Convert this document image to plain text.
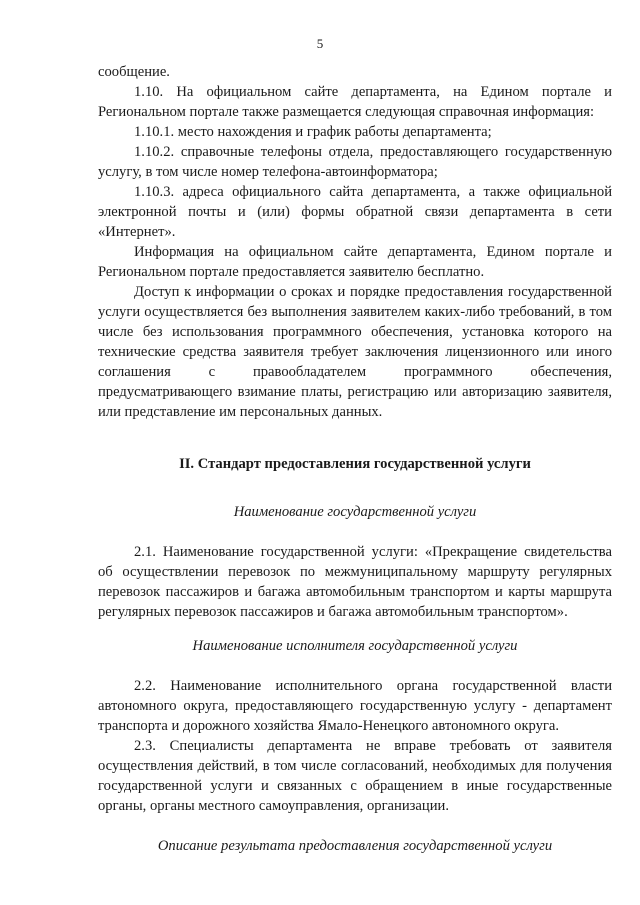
5

сообщение.

1.10. На официальном сайте департамента, на Едином портале и Региональном портале также размещается следующая справочная информация:

1.10.1. место нахождения и график работы департамента;

1.10.2. справочные телефоны отдела, предоставляющего государственную услугу, в том числе номер телефона-автоинформатора;

1.10.3. адреса официального сайта департамента, а также официальной электронной почты и (или) формы обратной связи департамента в сети «Интернет».

Информация на официальном сайте департамента, Едином портале и Региональном портале предоставляется заявителю бесплатно.

Доступ к информации о сроках и порядке предоставления государственной услуги осуществляется без выполнения заявителем каких-либо требований, в том числе без использования программного обеспечения, установка которого на технические средства заявителя требует заключения лицензионного или иного соглашения с правообладателем программного обеспечения, предусматривающего взимание платы, регистрацию или авторизацию заявителя, или представление им персональных данных.

II. Стандарт предоставления государственной услуги

Наименование государственной услуги

2.1. Наименование государственной услуги: «Прекращение свидетельства об осуществлении перевозок по межмуниципальному маршруту регулярных перевозок пассажиров и багажа автомобильным транспортом и карты маршрута регулярных перевозок пассажиров и багажа автомобильным транспортом».

Наименование исполнителя государственной услуги

2.2. Наименование исполнительного органа государственной власти автономного округа, предоставляющего государственную услугу - департамент транспорта и дорожного хозяйства Ямало-Ненецкого автономного округа.

2.3. Специалисты департамента не вправе требовать от заявителя осуществления действий, в том числе согласований, необходимых для получения государственной услуги и связанных с обращением в иные государственные органы, органы местного самоуправления, организации.

Описание результата предоставления государственной услуги
